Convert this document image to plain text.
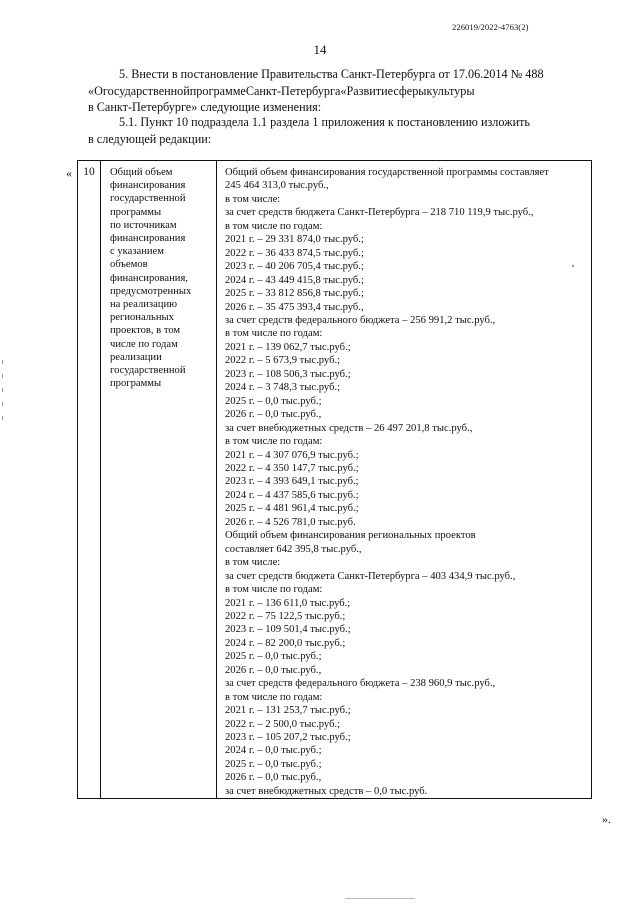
226019/2022-4763(2)
14
5. Внести в постановление Правительства Санкт-Петербурга от 17.06.2014 № 488
«ОгосударственнойпрограммеСанкт-Петербурга«Развитиесферыкультуры
в Санкт-Петербурге» следующие изменения:
5.1. Пункт 10 подраздела 1.1 раздела 1 приложения к постановлению изложить
в следующей редакции:
« 10	Общий объем
финансирования
государственной
программы
по источникам
финансирования
с указанием
объемов
финансирования,
предусмотренных
на реализацию
региональных
проектов, в том
числе по годам
реализации
государственной
программы
Общий объем финансирования государственной программы составляет
245 464 313,0 тыс.руб.,
в том числе:
за счет средств бюджета Санкт-Петербурга – 218 710 119,9 тыс.руб.,
в том числе по годам:
2021 г. – 29 331 874,0 тыс.руб.;
2022 г. – 36 433 874,5 тыс.руб.;
2023 г. – 40 206 705,4 тыс.руб.;
2024 г. – 43 449 415,8 тыс.руб.;
2025 г. – 33 812 856,8 тыс.руб.;
2026 г. – 35 475 393,4 тыс.руб.,
за счет средств федерального бюджета – 256 991,2 тыс.руб.,
в том числе по годам:
2021 г. – 139 062,7 тыс.руб.;
2022 г. – 5 673,9 тыс.руб.;
2023 г. – 108 506,3 тыс.руб.;
2024 г. – 3 748,3 тыс.руб.;
2025 г. – 0,0 тыс.руб.;
2026 г. – 0,0 тыс.руб.,
за счет внебюджетных средств – 26 497 201,8 тыс.руб.,
в том числе по годам:
2021 г. – 4 307 076,9 тыс.руб.;
2022 г. – 4 350 147,7 тыс.руб.;
2023 г. – 4 393 649,1 тыс.руб.;
2024 г. – 4 437 585,6 тыс.руб.;
2025 г. – 4 481 961,4 тыс.руб.;
2026 г. – 4 526 781,0 тыс.руб.
Общий объем финансирования региональных проектов
составляет 642 395,8 тыс.руб.,
в том числе:
за счет средств бюджета Санкт-Петербурга – 403 434,9 тыс.руб.,
в том числе по годам:
2021 г. – 136 611,0 тыс.руб.;
2022 г. – 75 122,5 тыс.руб.;
2023 г. – 109 501,4 тыс.руб.;
2024 г. – 82 200,0 тыс.руб.;
2025 г. – 0,0 тыс.руб.;
2026 г. – 0,0 тыс.руб.,
за счет средств федерального бюджета – 238 960,9 тыс.руб.,
в том числе по годам:
2021 г. – 131 253,7 тыс.руб.;
2022 г. – 2 500,0 тыс.руб.;
2023 г. – 105 207,2 тыс.руб.;
2024 г. – 0,0 тыс.руб.;
2025 г. – 0,0 тыс.руб.;
2026 г. – 0,0 тыс.руб.,
за счет внебюджетных средств – 0,0 тыс.руб.
».
